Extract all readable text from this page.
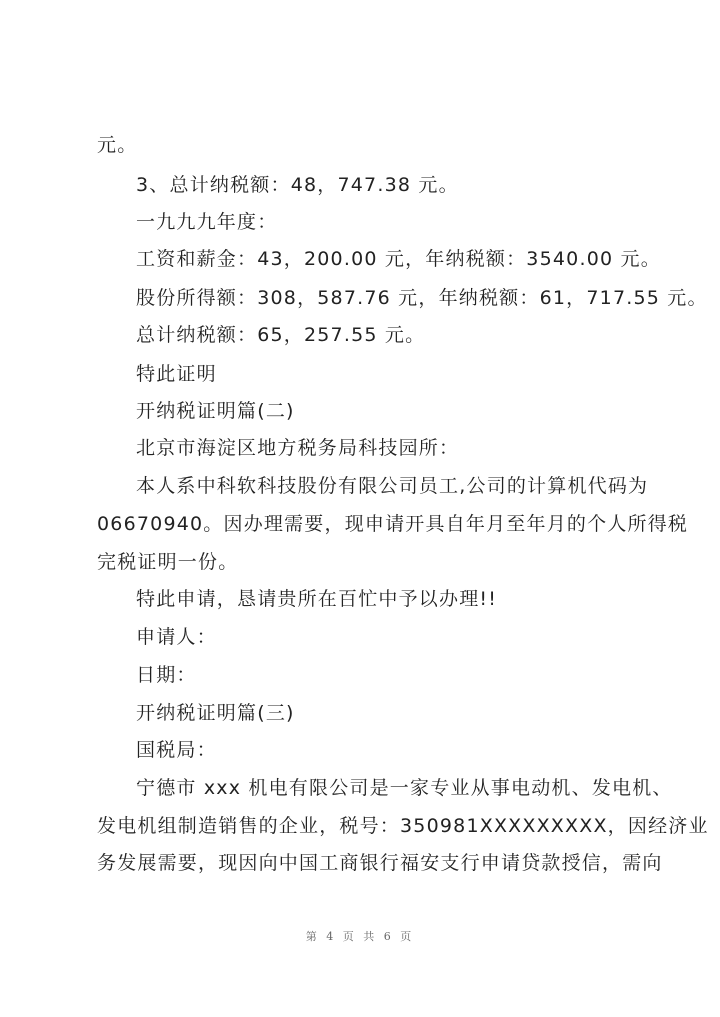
元。
3、总计纳税额：48，747.38 元。
一九九九年度：
工资和薪金：43，200.00 元，年纳税额：3540.00 元。
股份所得额：308，587.76 元，年纳税额：61，717.55 元。
总计纳税额：65，257.55 元。
特此证明
开纳税证明篇(二)
北京市海淀区地方税务局科技园所：
本人系中科软科技股份有限公司员工,公司的计算机代码为
06670940。因办理需要，现申请开具自年月至年月的个人所得税
完税证明一份。
特此申请，恳请贵所在百忙中予以办理!!
申请人：
日期：
开纳税证明篇(三)
国税局：
宁德市 xxx 机电有限公司是一家专业从事电动机、发电机、
发电机组制造销售的企业，税号：350981XXXXXXXXX，因经济业
务发展需要，现因向中国工商银行福安支行申请贷款授信，需向
第 4 页 共 6 页
